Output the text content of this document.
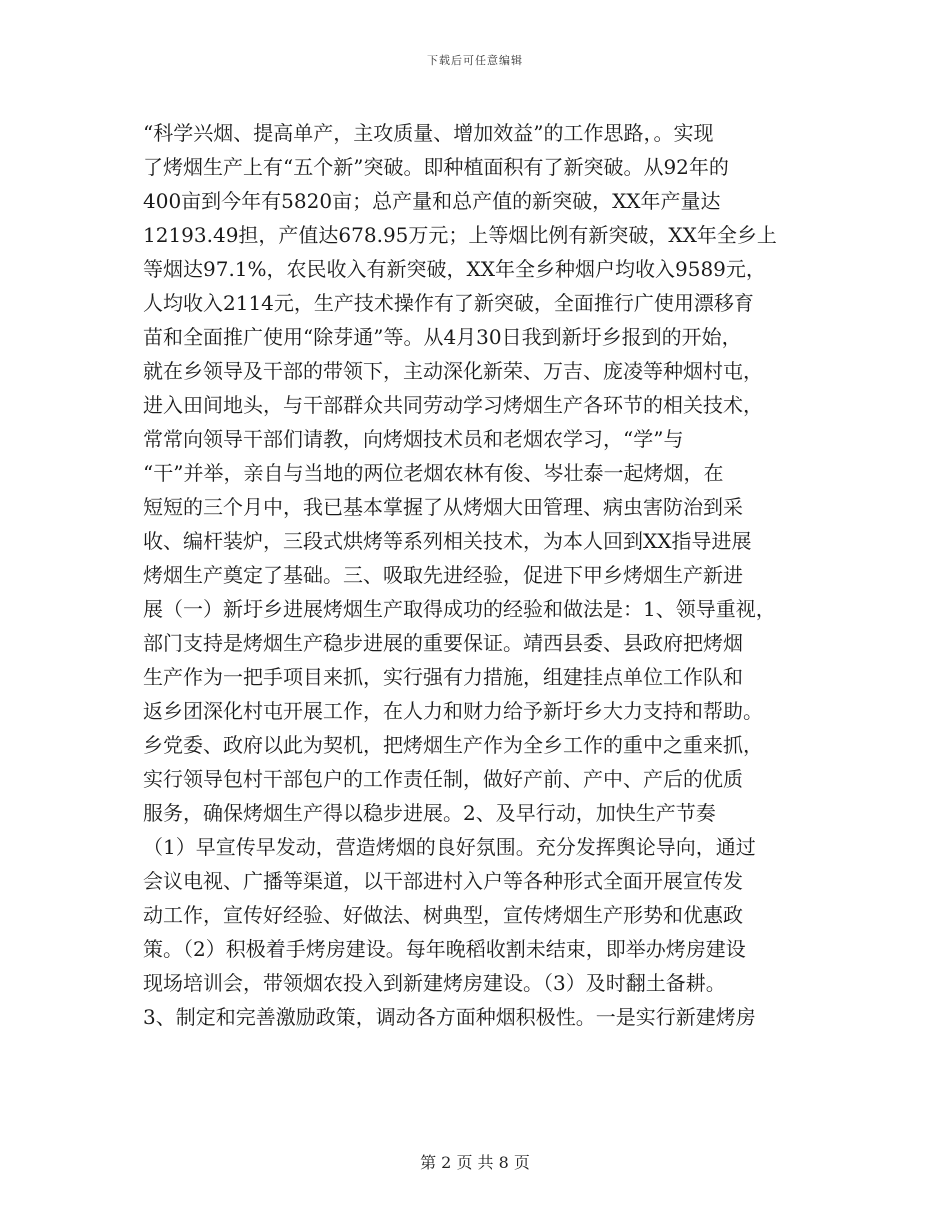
下载后可任意编辑
“科学兴烟、提高单产，主攻质量、增加效益”的工作思路，。实现
了烤烟生产上有“五个新”突破。即种植面积有了新突破。从92年的
400亩到今年有5820亩；总产量和总产值的新突破，XX年产量达
12193.49担，产值达678.95万元；上等烟比例有新突破，XX年全乡上
等烟达97.1%，农民收入有新突破，XX年全乡种烟户均收入9589元，
人均收入2114元，生产技术操作有了新突破，全面推行广使用漂移育
苗和全面推广使用“除芽通”等。从4月30日我到新圩乡报到的开始，
就在乡领导及干部的带领下，主动深化新荣、万吉、庞凌等种烟村屯，
进入田间地头，与干部群众共同劳动学习烤烟生产各环节的相关技术，
常常向领导干部们请教，向烤烟技术员和老烟农学习，“学”与
“干”并举，亲自与当地的两位老烟农林有俊、岑壮泰一起烤烟，在
短短的三个月中，我已基本掌握了从烤烟大田管理、病虫害防治到采
收、编杆装炉，三段式烘烤等系列相关技术，为本人回到XX指导进展
烤烟生产奠定了基础。三、吸取先进经验，促进下甲乡烤烟生产新进
展（一）新圩乡进展烤烟生产取得成功的经验和做法是：1、领导重视，
部门支持是烤烟生产稳步进展的重要保证。靖西县委、县政府把烤烟
生产作为一把手项目来抓，实行强有力措施，组建挂点单位工作队和
返乡团深化村屯开展工作，在人力和财力给予新圩乡大力支持和帮助。
乡党委、政府以此为契机，把烤烟生产作为全乡工作的重中之重来抓，
实行领导包村干部包户的工作责任制，做好产前、产中、产后的优质
服务，确保烤烟生产得以稳步进展。2、及早行动，加快生产节奏
（1）早宣传早发动，营造烤烟的良好氛围。充分发挥舆论导向，通过
会议电视、广播等渠道，以干部进村入户等各种形式全面开展宣传发
动工作，宣传好经验、好做法、树典型，宣传烤烟生产形势和优惠政
策。（2）积极着手烤房建设。每年晚稻收割未结束，即举办烤房建设
现场培训会，带领烟农投入到新建烤房建设。（3）及时翻土备耕。
3、制定和完善激励政策，调动各方面种烟积极性。一是实行新建烤房
第 2 页 共 8 页
